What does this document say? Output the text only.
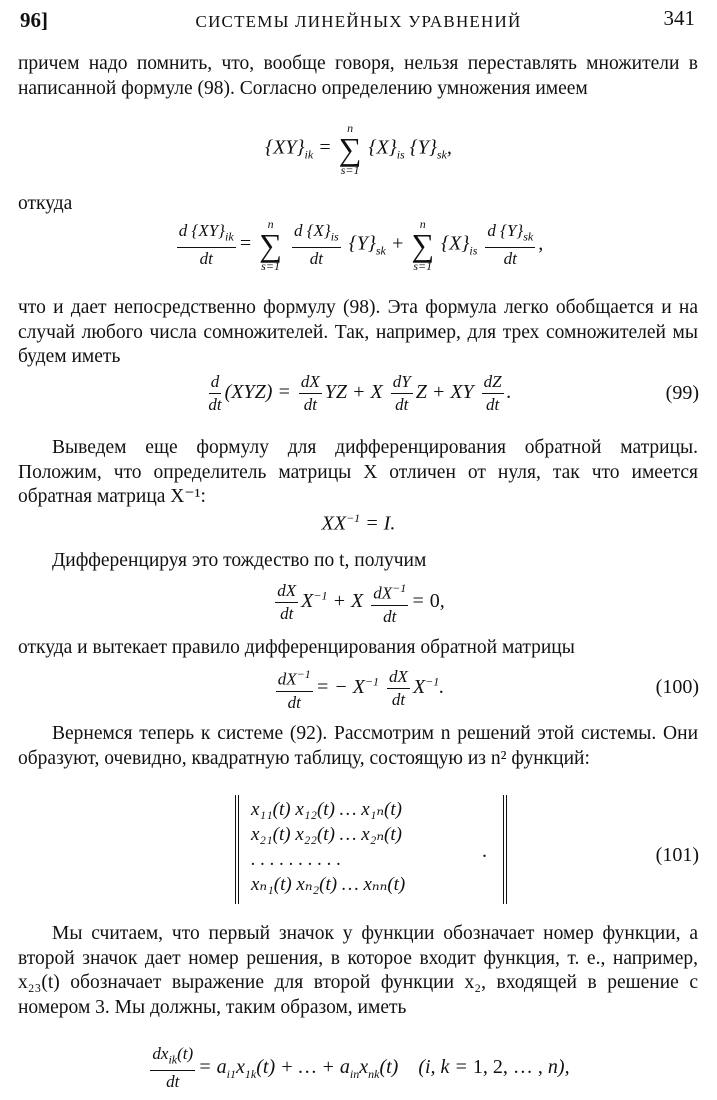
96]	СИСТЕМЫ ЛИНЕЙНЫХ УРАВНЕНИЙ	341
причем надо помнить, что, вообще говоря, нельзя переставлять множители в написанной формуле (98). Согласно определению умножения имеем
$\{XY\}_{ik}$ =
n
∑
s=1
$\{X\}_{is}$ $\{Y\}_{sk}$,
откуда
$\frac{d \{XY\}_{ik}}{dt}$ =
n
∑
s=1
$\frac{d \{X\}_{is}}{dt} \{Y\}_{sk}$ +
n
∑
s=1
$\{X\}_{is} \frac{d \{Y\}_{sk}}{dt}$ ,
что и дает непосредственно формулу (98). Эта формула легко обобщается и на случай любого числа сомножителей. Так, например, для трех сомножителей мы будем иметь
$\frac{d}{dt} (XYZ) = \frac{dX}{dt}$ YZ + X $\frac{dY}{dt}$ Z + XY $\frac{dZ}{dt}$ .	(99)
Выведем еще формулу для дифференцирования обратной матрицы. Положим, что определитель матрицы X отличен от нуля, так что имеется обратная матрица X⁻¹:
$XX^{-1} = I$.
Дифференцируя это тождество по t, получим
$\frac{dX}{dt} X^{-1} + X \frac{dX^{-1}}{dt} = 0$,
откуда и вытекает правило дифференцирования обратной матрицы
$\frac{dX^{-1}}{dt}$ = − $X^{-1} \frac{dX}{dt} X^{-1}$.	(100)
Вернемся теперь к системе (92). Рассмотрим n решений этой системы. Они образуют, очевидно, квадратную таблицу, состоящую из n² функций:
x₁₁(t) x₁₂(t) … x₁ₙ(t)
x₂₁(t) x₂₂(t) … x₂ₙ(t)
. . . . . . . . . .
xₙ₁(t) xₙ₂(t) … xₙₙ(t)
.	(101)
Мы считаем, что первый значок у функции обозначает номер функции, а второй значок дает номер решения, в которое входит функция, т. е., например, x₂₃(t) обозначает выражение для второй функции x₂, входящей в решение с номером 3. Мы должны, таким образом, иметь
$\frac{dx_{ik}(t)}{dt} = a_{i1}x_{1k}(t)$ + … + $a_{in}x_{nk}(t)$    (i, k = 1, 2, … , n),
